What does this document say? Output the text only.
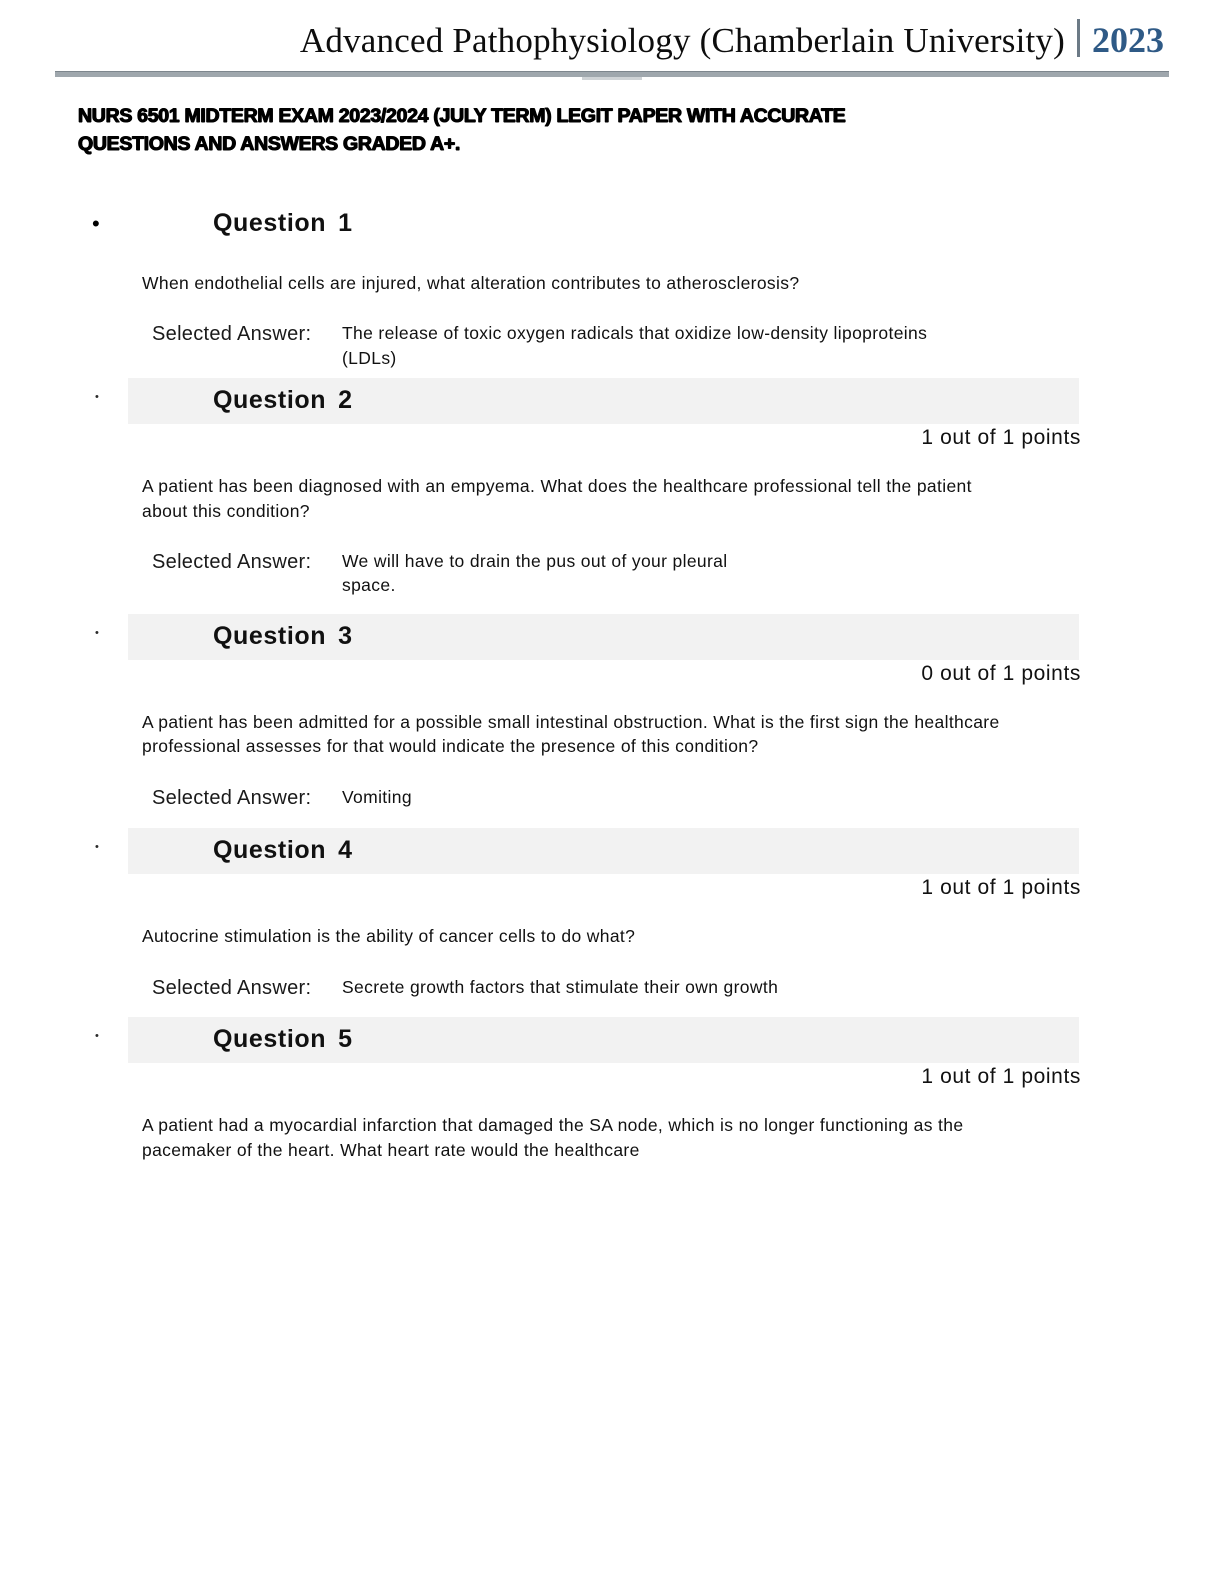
Advanced Pathophysiology (Chamberlain University) 2023
NURS 6501 MIDTERM EXAM 2023/2024 (JULY TERM) LEGIT PAPER WITH ACCURATE
QUESTIONS AND ANSWERS GRADED A+.
•	Question 1
When endothelial cells are injured, what alteration contributes to atherosclerosis?
Selected Answer:	The release of toxic oxygen radicals that oxidize low-density lipoproteins (LDLs)
•	Question 2
1 out of 1 points
A patient has been diagnosed with an empyema. What does the healthcare professional tell the patient about this condition?
Selected Answer:	We will have to drain the pus out of your pleural space.
•	Question 3
0 out of 1 points
A patient has been admitted for a possible small intestinal obstruction. What is the first sign the healthcare professional assesses for that would indicate the presence of this condition?
Selected Answer:	Vomiting
•	Question 4
1 out of 1 points
Autocrine stimulation is the ability of cancer cells to do what?
Selected Answer:	Secrete growth factors that stimulate their own growth
•	Question 5
1 out of 1 points
A patient had a myocardial infarction that damaged the SA node, which is no longer functioning as the pacemaker of the heart. What heart rate would the healthcare
